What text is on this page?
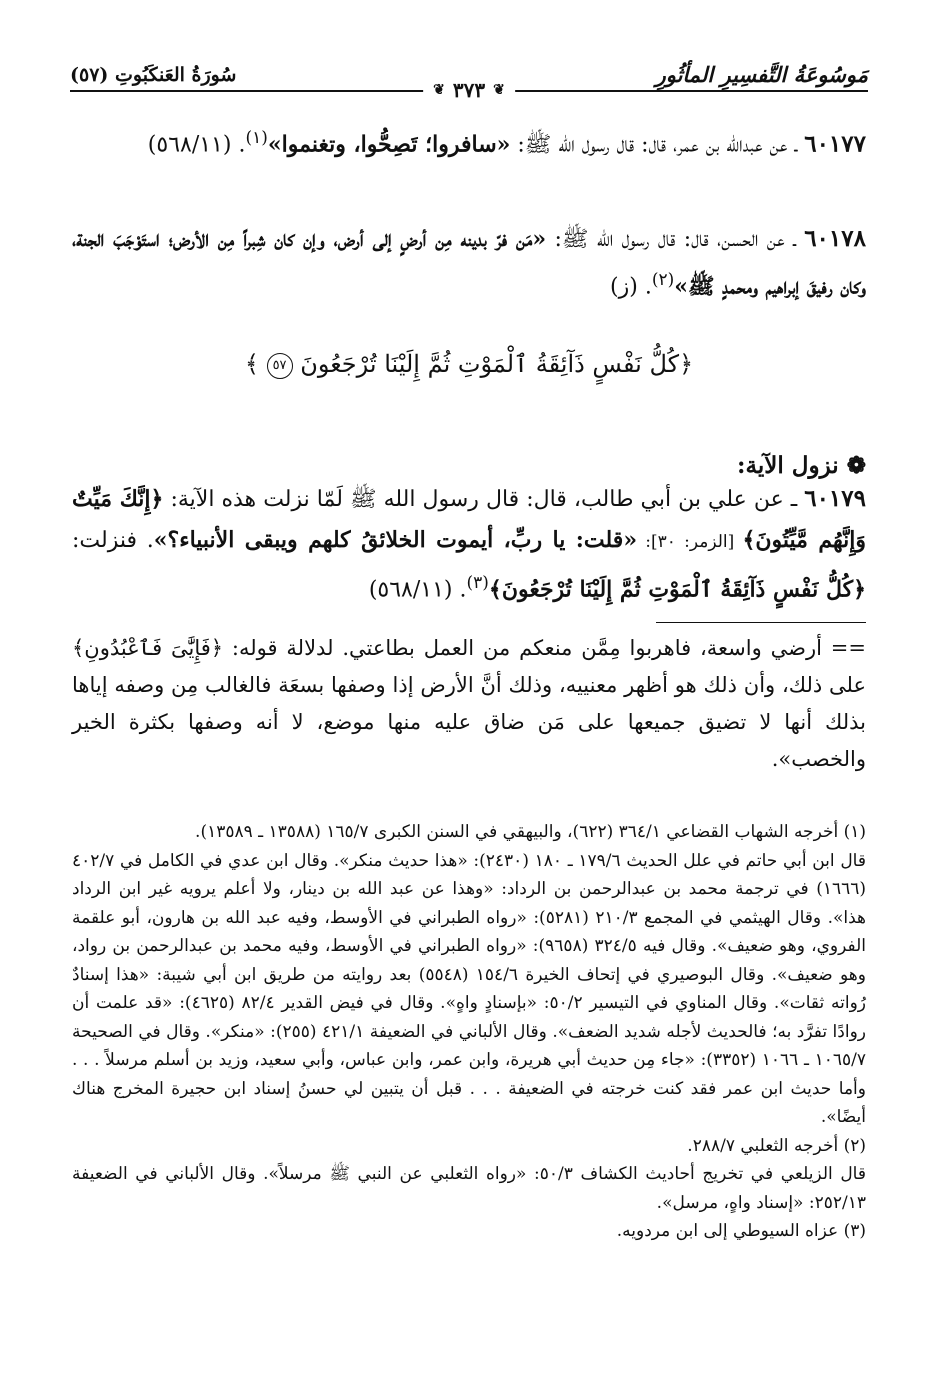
مَوسُوعَةُ التَّفسِيرِ المأثُورِ
❦
٣٧٣
❦
سُورَةُ العَنكَبُوتِ (٥٧)

٦٠١٧٧ ـ عن عبدالله بن عمر، قال: قال رسول الله ﷺ: «سافروا؛ تَصِحُّوا، وتغنموا»$^{(١)}$. (٥٦٨/١١)

٦٠١٧٨ ـ عن الحسن، قال: قال رسول الله ﷺ: «مَن فرّ بدينه مِن أرضٍ إلى أرض، وإن كان شِبراً مِن الأرض؛ استَوْجَبَ الجنة، وكان رفيقَ إبراهيم ومحمدٍ ﷺ»$^{(٢)}$. (ز)

﴿كُلُّ نَفْسٍ ذَآئِقَةُ ٱلْمَوْتِ ثُمَّ إِلَيْنَا تُرْجَعُونَ ٥٧ ﴾
❁ نزول الآية:

٦٠١٧٩ ـ عن علي بن أبي طالب، قال: قال رسول الله ﷺ لَمّا نزلت هذه الآية: ﴿إِنَّكَ مَيِّتٌ وَإِنَّهُم مَّيِّتُونَ﴾ [الزمر: ٣٠]: «قلت: يا ربِّ، أيموت الخلائقُ كلهم ويبقى الأنبياء؟». فنزلت: ﴿كُلُّ نَفْسٍ ذَآئِقَةُ ٱلْمَوْتِ ثُمَّ إِلَيْنَا تُرْجَعُونَ﴾$^{(٣)}$. (٥٦٨/١١)

== أرضي واسعة، فاهربوا مِمَّن منعكم من العمل بطاعتي. لدلالة قوله: ﴿فَإِيَّٰىَ فَٱعْبُدُونِ﴾ على ذلك، وأن ذلك هو أظهر معنييه، وذلك أنَّ الأرض إذا وصفها بسعَة فالغالب مِن وصفه إياها بذلك أنها لا تضيق جميعها على مَن ضاق عليه منها موضع، لا أنه وصفها بكثرة الخير والخصب».

(١) أخرجه الشهاب القضاعي ٣٦٤/١ (٦٢٢)، والبيهقي في السنن الكبرى ١٦٥/٧ (١٣٥٨٨ ـ ١٣٥٨٩).

قال ابن أبي حاتم في علل الحديث ١٧٩/٦ ـ ١٨٠ (٢٤٣٠): «هذا حديث منكر». وقال ابن عدي في الكامل في ٤٠٢/٧ (١٦٦٦) في ترجمة محمد بن عبدالرحمن بن الرداد: «وهذا عن عبد الله بن دينار، ولا أعلم يرويه غير ابن الرداد هذا». وقال الهيثمي في المجمع ٢١٠/٣ (٥٢٨١): «رواه الطبراني في الأوسط، وفيه عبد الله بن هارون، أبو علقمة الفروي، وهو ضعيف». وقال فيه ٣٢٤/٥ (٩٦٥٨): «رواه الطبراني في الأوسط، وفيه محمد بن عبدالرحمن بن رواد، وهو ضعيف». وقال البوصيري في إتحاف الخيرة ١٥٤/٦ (٥٥٤٨) بعد روايته من طريق ابن أبي شيبة: «هذا إسنادٌ رُواته ثقات». وقال المناوي في التيسير ٥٠/٢: «بإسنادٍ واهٍ». وقال في فيض القدير ٨٢/٤ (٤٦٢٥): «قد علمت أن روادًا تفرَّد به؛ فالحديث لأجله شديد الضعف». وقال الألباني في الضعيفة ٤٢١/١ (٢٥٥): «منكر». وقال في الصحيحة ١٠٦٥/٧ ـ ١٠٦٦ (٣٣٥٢): «جاء مِن حديث أبي هريرة، وابن عمر، وابن عباس، وأبي سعيد، وزيد بن أسلم مرسلاً . . . وأما حديث ابن عمر فقد كنت خرجته في الضعيفة . . . قبل أن يتبين لي حسنُ إسناد ابن حجيرة المخرج هناك أيضًا».

(٢) أخرجه الثعلبي ٢٨٨/٧.

قال الزيلعي في تخريج أحاديث الكشاف ٥٠/٣: «رواه الثعلبي عن النبي ﷺ مرسلاً». وقال الألباني في الضعيفة ٢٥٢/١٣: «إسناد واهٍ، مرسل».

(٣) عزاه السيوطي إلى ابن مردويه.
